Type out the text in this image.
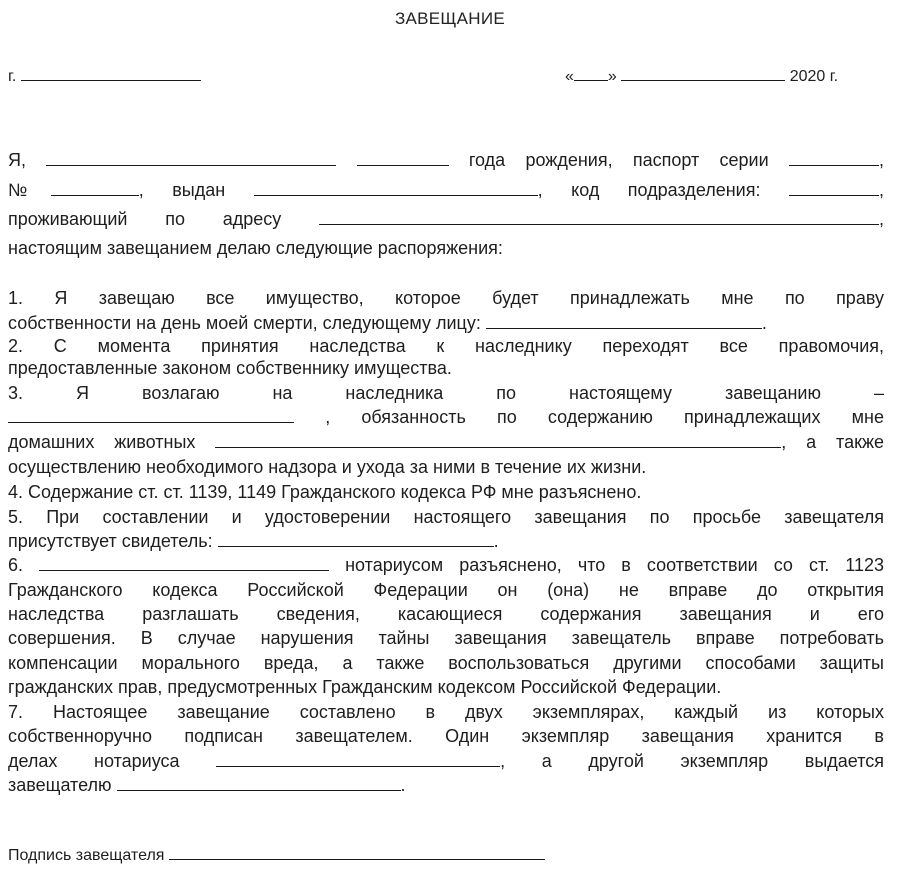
ЗАВЕЩАНИЕ
г.	« »	2020 г.
Я,	года рождения, паспорт серии	,
№	, выдан	, код подразделения:	,
проживающий по адресу	,
настоящим завещанием делаю следующие распоряжения:
1. Я завещаю все имущество, которое будет принадлежать мне по праву
собственности на день моей смерти, следующему лицу:	.
2. С момента принятия наследства к наследнику переходят все правомочия,
предоставленные законом собственнику имущества.
3. Я возлагаю на наследника по настоящему завещанию –
, обязанность по содержанию принадлежащих мне
домашних животных	, а также
осуществлению необходимого надзора и ухода за ними в течение их жизни.
4. Содержание ст. ст. 1139, 1149 Гражданского кодекса РФ мне разъяснено.
5. При составлении и удостоверении настоящего завещания по просьбе завещателя
присутствует свидетель:	.
6.	нотариусом разъяснено, что в соответствии со ст. 1123
Гражданского кодекса Российской Федерации он (она) не вправе до открытия
наследства разглашать сведения, касающиеся содержания завещания и его
совершения. В случае нарушения тайны завещания завещатель вправе потребовать
компенсации морального вреда, а также воспользоваться другими способами защиты
гражданских прав, предусмотренных Гражданским кодексом Российской Федерации.
7. Настоящее завещание составлено в двух экземплярах, каждый из которых
собственноручно подписан завещателем. Один экземпляр завещания хранится в
делах нотариуса	, а другой экземпляр выдается
завещателю	.
Подпись завещателя
